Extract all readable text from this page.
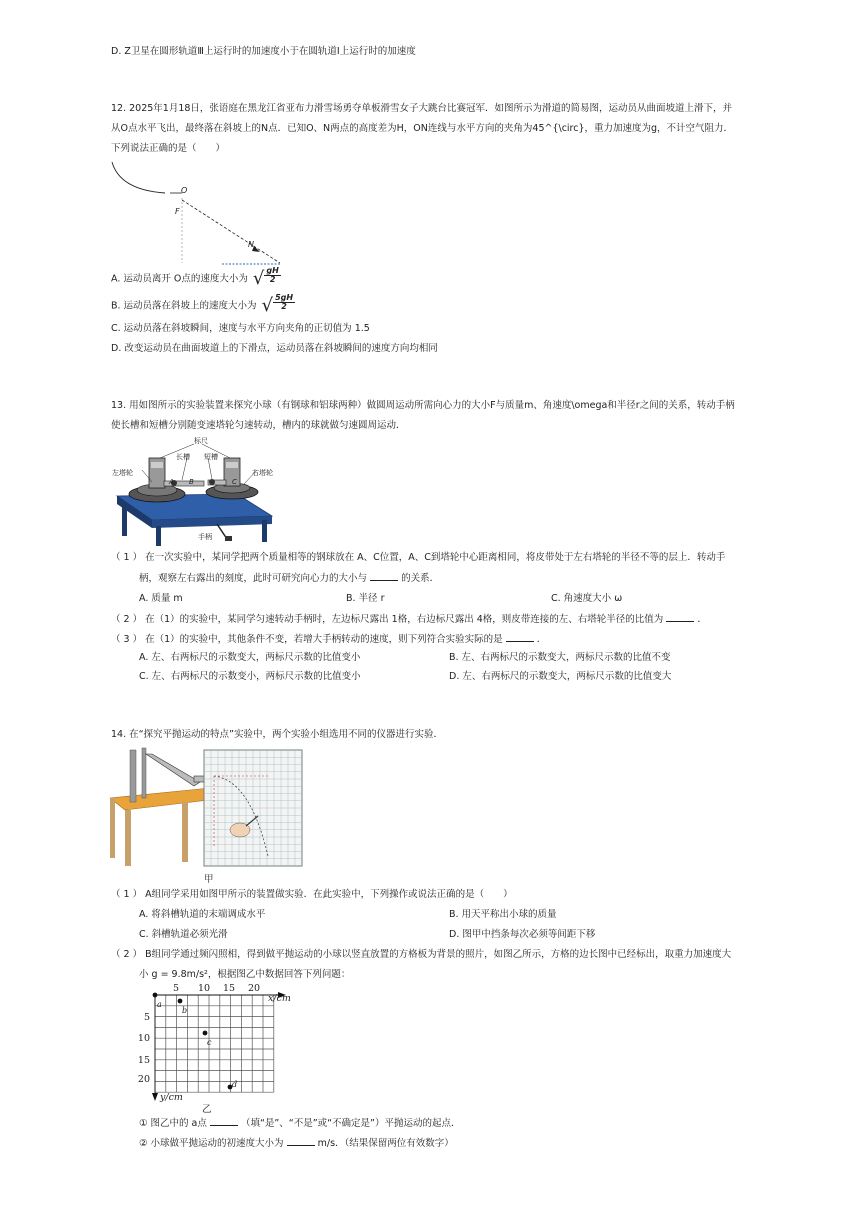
D. Z卫星在圆形轨道Ⅲ上运行时的加速度小于在圆轨道Ⅰ上运行时的加速度
12. 2025年1月18日，张语庭在黑龙江省亚布力滑雪场勇夺单板滑雪女子大跳台比赛冠军．如图所示为滑道的简易图，运动员从曲面坡道上滑下，并
从O点水平飞出，最终落在斜坡上的N点．已知O、N两点的高度差为H，ON连线与水平方向的夹角为45^{\circ}，重力加速度为g，不计空气阻力．
下列说法正确的是（　　）
O
F
N
A. 运动员离开 O点的速度大小为 √ gH
2
B. 运动员落在斜坡上的速度大小为 √ 5gH
2
C. 运动员落在斜坡瞬间，速度与水平方向夹角的正切值为 1.5
D. 改变运动员在曲面坡道上的下滑点，运动员落在斜坡瞬间的速度方向均相同
13. 用如图所示的实验装置来探究小球（有钢球和铝球两种）做圆周运动所需向心力的大小F与质量m、角速度\omega和半径r之间的关系，转动手柄
使长槽和短槽分别随变速塔轮匀速转动，槽内的球就做匀速圆周运动．
标尺
长槽 短槽
左塔轮	右塔轮
手柄
A B	C
（ 1 ） 在一次实验中，某同学把两个质量相等的钢球放在 A、C位置，A、C到塔轮中心距离相同，将皮带处于左右塔轮的半径不等的层上．转动手
柄，观察左右露出的刻度，此时可研究向心力的大小与	的关系．
A. 质量 m	B. 半径 r	C. 角速度大小 ω
（ 2 ） 在（1）的实验中，某同学匀速转动手柄时，左边标尺露出 1格，右边标尺露出 4格，则皮带连接的左、右塔轮半径的比值为	．
（ 3 ） 在（1）的实验中，其他条件不变，若增大手柄转动的速度，则下列符合实验实际的是	．
A. 左、右两标尺的示数变大，两标尺示数的比值变小	B. 左、右两标尺的示数变大，两标尺示数的比值不变
C. 左、右两标尺的示数变小，两标尺示数的比值变小	D. 左、右两标尺的示数变大，两标尺示数的比值变大
14. 在“探究平抛运动的特点”实验中，两个实验小组选用不同的仪器进行实验．
甲
（ 1 ） A组同学采用如图甲所示的装置做实验．在此实验中，下列操作或说法正确的是（　　）
A. 将斜槽轨道的末端调成水平	B. 用天平称出小球的质量
C. 斜槽轨道必须光滑	D. 图甲中挡条每次必须等间距下移
（ 2 ） B组同学通过频闪照相，得到做平抛运动的小球以竖直放置的方格板为背景的照片，如图乙所示，方格的边长图中已经标出，取重力加速度大
小 g = 9.8m/s²，根据图乙中数据回答下列问题：
5 10 15 20
x/cm
5
10
15
20
y/cm
a
b
c
d
乙
① 图乙中的 a点	（填“是”、“不是”或“不确定是”）平抛运动的起点．
② 小球做平抛运动的初速度大小为	m/s．（结果保留两位有效数字）
